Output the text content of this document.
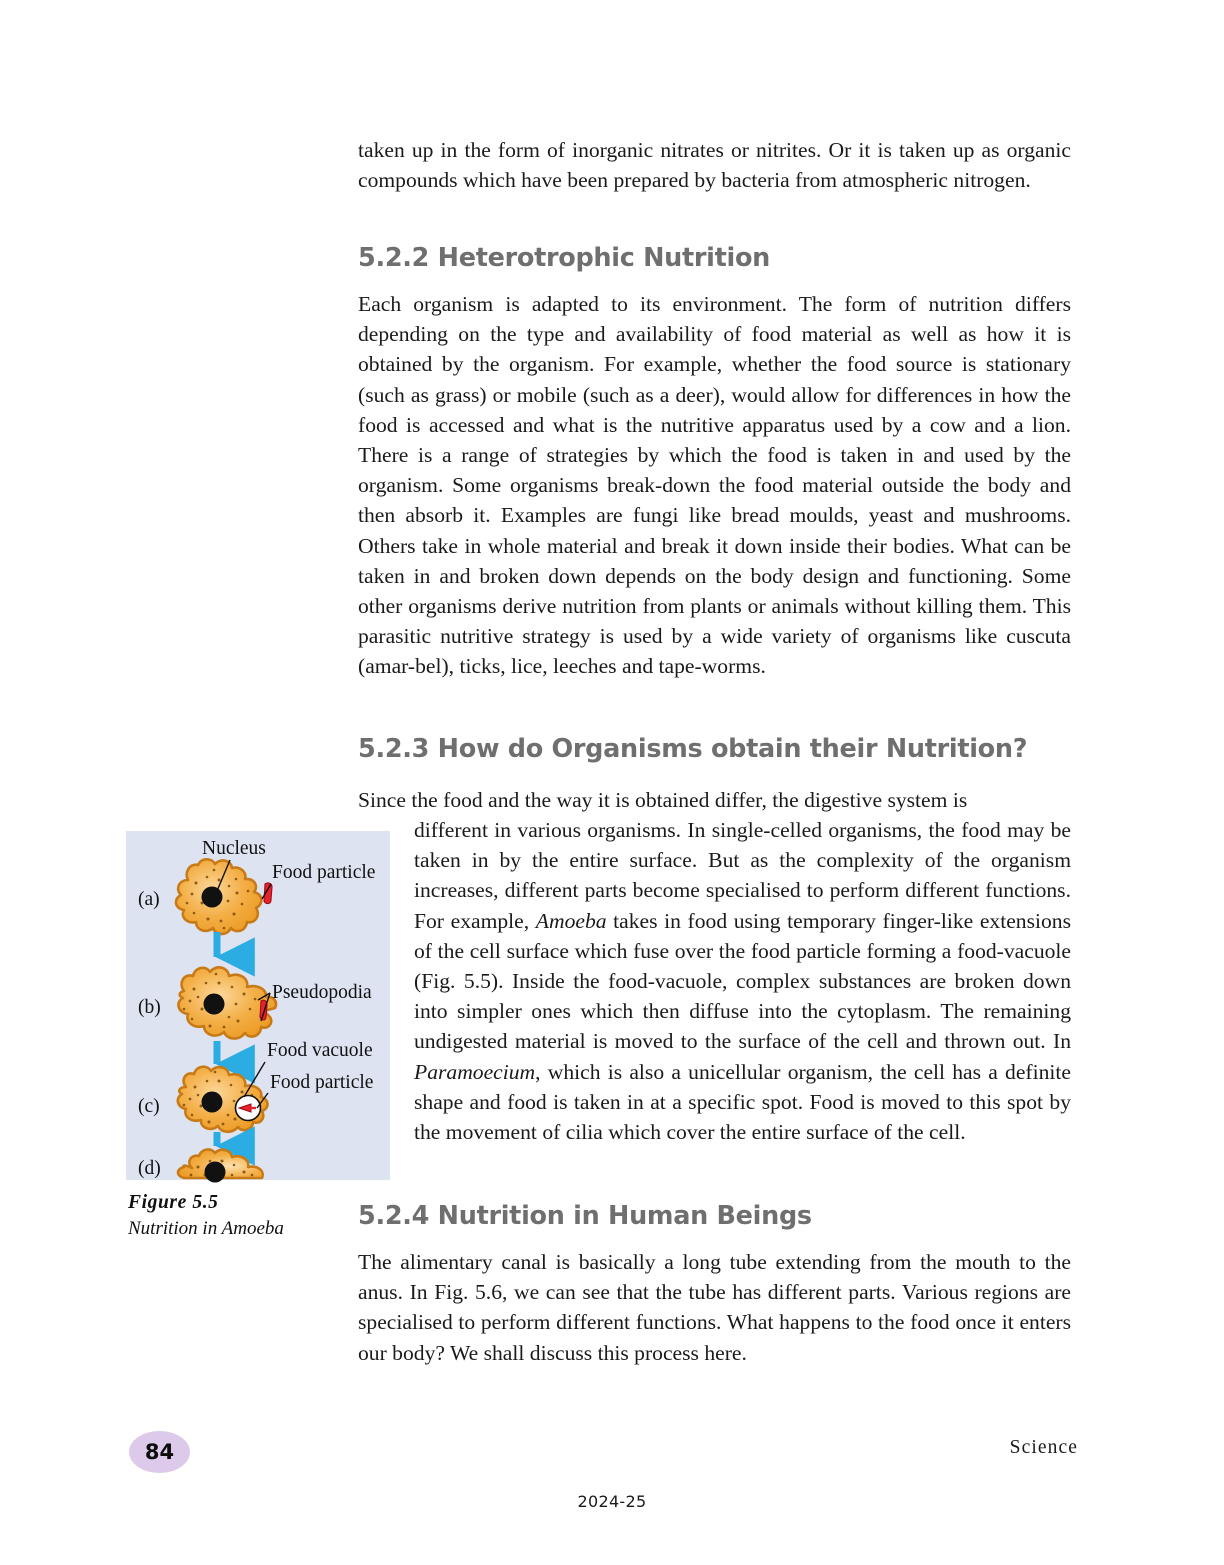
taken up in the form of inorganic nitrates or nitrites. Or it is taken up as organic compounds which have been prepared by bacteria from atmospheric nitrogen.
5.2.2 Heterotrophic Nutrition
Each organism is adapted to its environment. The form of nutrition differs depending on the type and availability of food material as well as how it is obtained by the organism. For example, whether the food source is stationary (such as grass) or mobile (such as a deer), would allow for differences in how the food is accessed and what is the nutritive apparatus used by a cow and a lion. There is a range of strategies by which the food is taken in and used by the organism. Some organisms break-down the food material outside the body and then absorb it. Examples are fungi like bread moulds, yeast and mushrooms. Others take in whole material and break it down inside their bodies. What can be taken in and broken down depends on the body design and functioning. Some other organisms derive nutrition from plants or animals without killing them. This parasitic nutritive strategy is used by a wide variety of organisms like cuscuta (amar-bel), ticks, lice, leeches and tape-worms.
5.2.3 How do Organisms obtain their Nutrition?
Since the food and the way it is obtained differ, the digestive system is
different in various organisms. In single-celled organisms, the food may be taken in by the entire surface. But as the complexity of the organism increases, different parts become specialised to perform different functions. For example, Amoeba takes in food using temporary finger-like extensions of the cell surface which fuse over the food particle forming a food-vacuole (Fig. 5.5). Inside the food-vacuole, complex substances are broken down into simpler ones which then diffuse into the cytoplasm. The remaining undigested material is moved to the surface of the cell and thrown out. In Paramoecium, which is also a unicellular organism, the cell has a definite shape and food is taken in at a specific spot. Food is moved to this spot by the movement of cilia which cover the entire surface of the cell.
5.2.4 Nutrition in Human Beings
The alimentary canal is basically a long tube extending from the mouth to the anus. In Fig. 5.6, we can see that the tube has different parts. Various regions are specialised to perform different functions. What happens to the food once it enters our body? We shall discuss this process here.
(a)
Nucleus
Food particle
(b)
Pseudopodia
(c)
Food vacuole
Food particle
(d)
Figure 5.5
Nutrition in Amoeba
84	Science
2024-25
